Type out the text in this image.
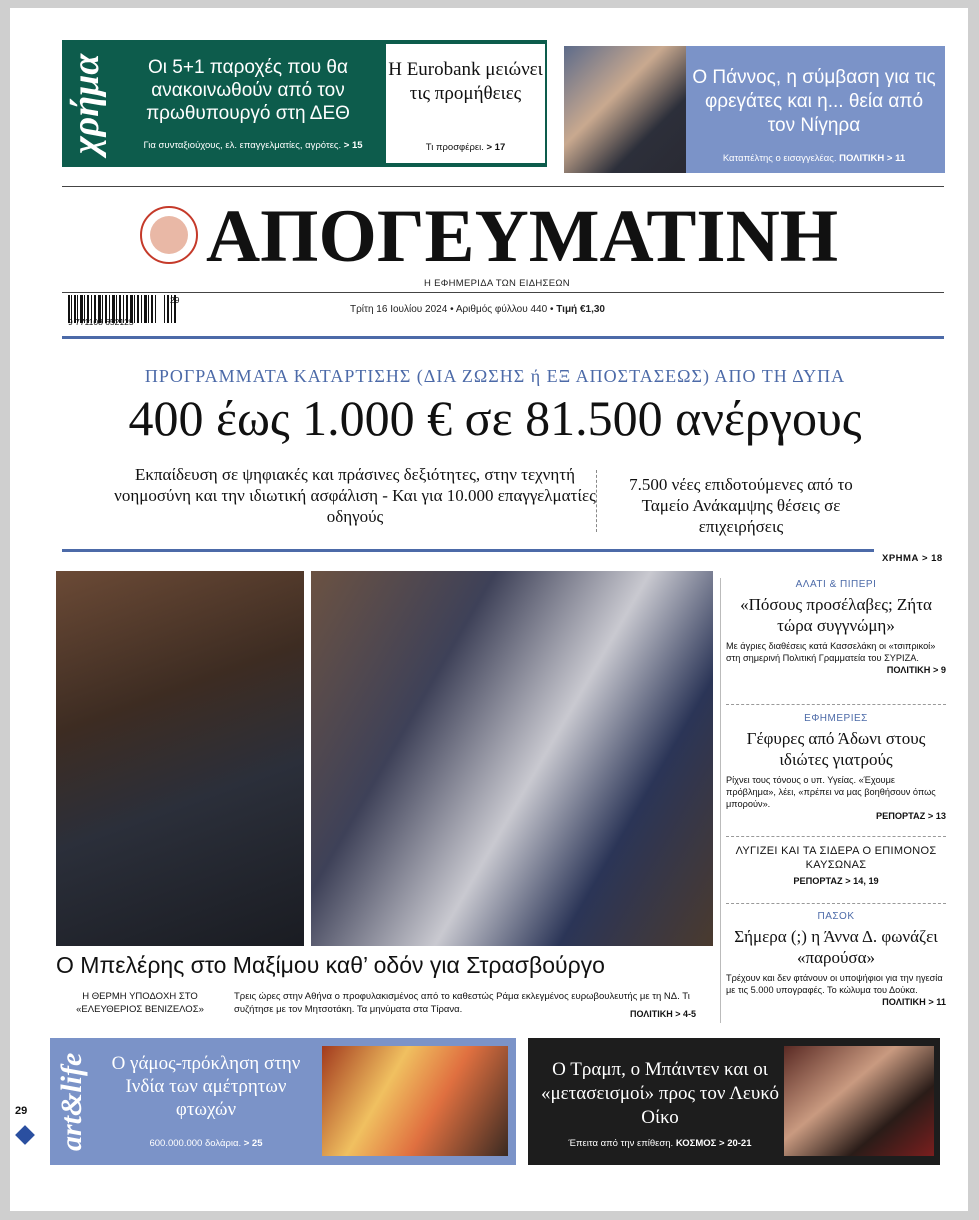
χρήμα	Οι 5+1 παροχές που θα ανακοινωθούν από τον πρωθυπουργό στη ΔΕΘ
Για συνταξιούχους, ελ. επαγγελματίες, αγρότες. > 15
Η Eurobank μειώνει τις προμήθειες
Τι προσφέρει. > 17
Ο Πάννος, η σύμβαση για τις φρεγάτες και η... θεία από τον Νίγηρα
Καταπέλτης ο εισαγγελέας. ΠΟΛΙΤΙΚΗ > 11
ΑΠΟΓΕΥΜΑΤΙΝΗ
Η ΕΦΗΜΕΡΙΔΑ ΤΩΝ ΕΙΔΗΣΕΩΝ
9 771108 652125
29
Τρίτη 16 Ιουλίου 2024 • Αριθμός φύλλου 440 • Τιμή €1,30
ΠΡΟΓΡΑΜΜΑΤΑ ΚΑΤΑΡΤΙΣΗΣ (ΔΙΑ ΖΩΣΗΣ ή ΕΞ ΑΠΟΣΤΑΣΕΩΣ) ΑΠΟ ΤΗ ΔΥΠΑ
400 έως 1.000 € σε 81.500 ανέργους
Εκπαίδευση σε ψηφιακές και πράσινες δεξιότητες, στην τεχνητή νοημοσύνη και την ιδιωτική ασφάλιση - Και για 10.000 επαγγελματίες οδηγούς
7.500 νέες επιδοτούμενες από το Ταμείο Ανάκαμψης θέσεις σε επιχειρήσεις
ΧΡΗΜΑ > 18
Ο Μπελέρης στο Μαξίμου καθ’ οδόν για Στρασβούργο
Η ΘΕΡΜΗ ΥΠΟΔΟΧΗ ΣΤΟ «ΕΛΕΥΘΕΡΙΟΣ ΒΕΝΙΖΕΛΟΣ»
Τρεις ώρες στην Αθήνα ο προφυλακισμένος από το καθεστώς Ράμα εκλεγμένος ευρωβουλευτής με τη ΝΔ. Τι συζήτησε με τον Μητσοτάκη. Τα μηνύματα στα Τίρανα.	ΠΟΛΙΤΙΚΗ > 4-5
ΑΛΑΤΙ & ΠΙΠΕΡΙ
«Πόσους προσέλαβες; Ζήτα τώρα συγγνώμη»
Με άγριες διαθέσεις κατά Κασσελάκη οι «τσιπρικοί» στη σημερινή Πολιτική Γραμματεία του ΣΥΡΙΖΑ.
ΠΟΛΙΤΙΚΗ > 9
ΕΦΗΜΕΡΙΕΣ
Γέφυρες από Άδωνι στους ιδιώτες γιατρούς
Ρίχνει τους τόνους ο υπ. Υγείας. «Έχουμε πρόβλημα», λέει, «πρέπει να μας βοηθήσουν όπως μπορούν».
ΡΕΠΟΡΤΑΖ > 13
ΛΥΓΙΖΕΙ ΚΑΙ ΤΑ ΣΙΔΕΡΑ Ο ΕΠΙΜΟΝΟΣ ΚΑΥΣΩΝΑΣ
ΡΕΠΟΡΤΑΖ > 14, 19
ΠΑΣΟΚ
Σήμερα (;) η Άννα Δ. φωνάζει «παρούσα»
Τρέχουν και δεν φτάνουν οι υποψήφιοι για την ηγεσία με τις 5.000 υπογραφές. Το κώλυμα του Δούκα.
ΠΟΛΙΤΙΚΗ > 11
art&life	Ο γάμος-πρόκληση στην Ινδία των αμέτρητων φτωχών
600.000.000 δολάρια. > 25
Ο Τραμπ, ο Μπάιντεν και οι «μετασεισμοί» προς τον Λευκό Οίκο
Έπειτα από την επίθεση. ΚΟΣΜΟΣ > 20-21
29
